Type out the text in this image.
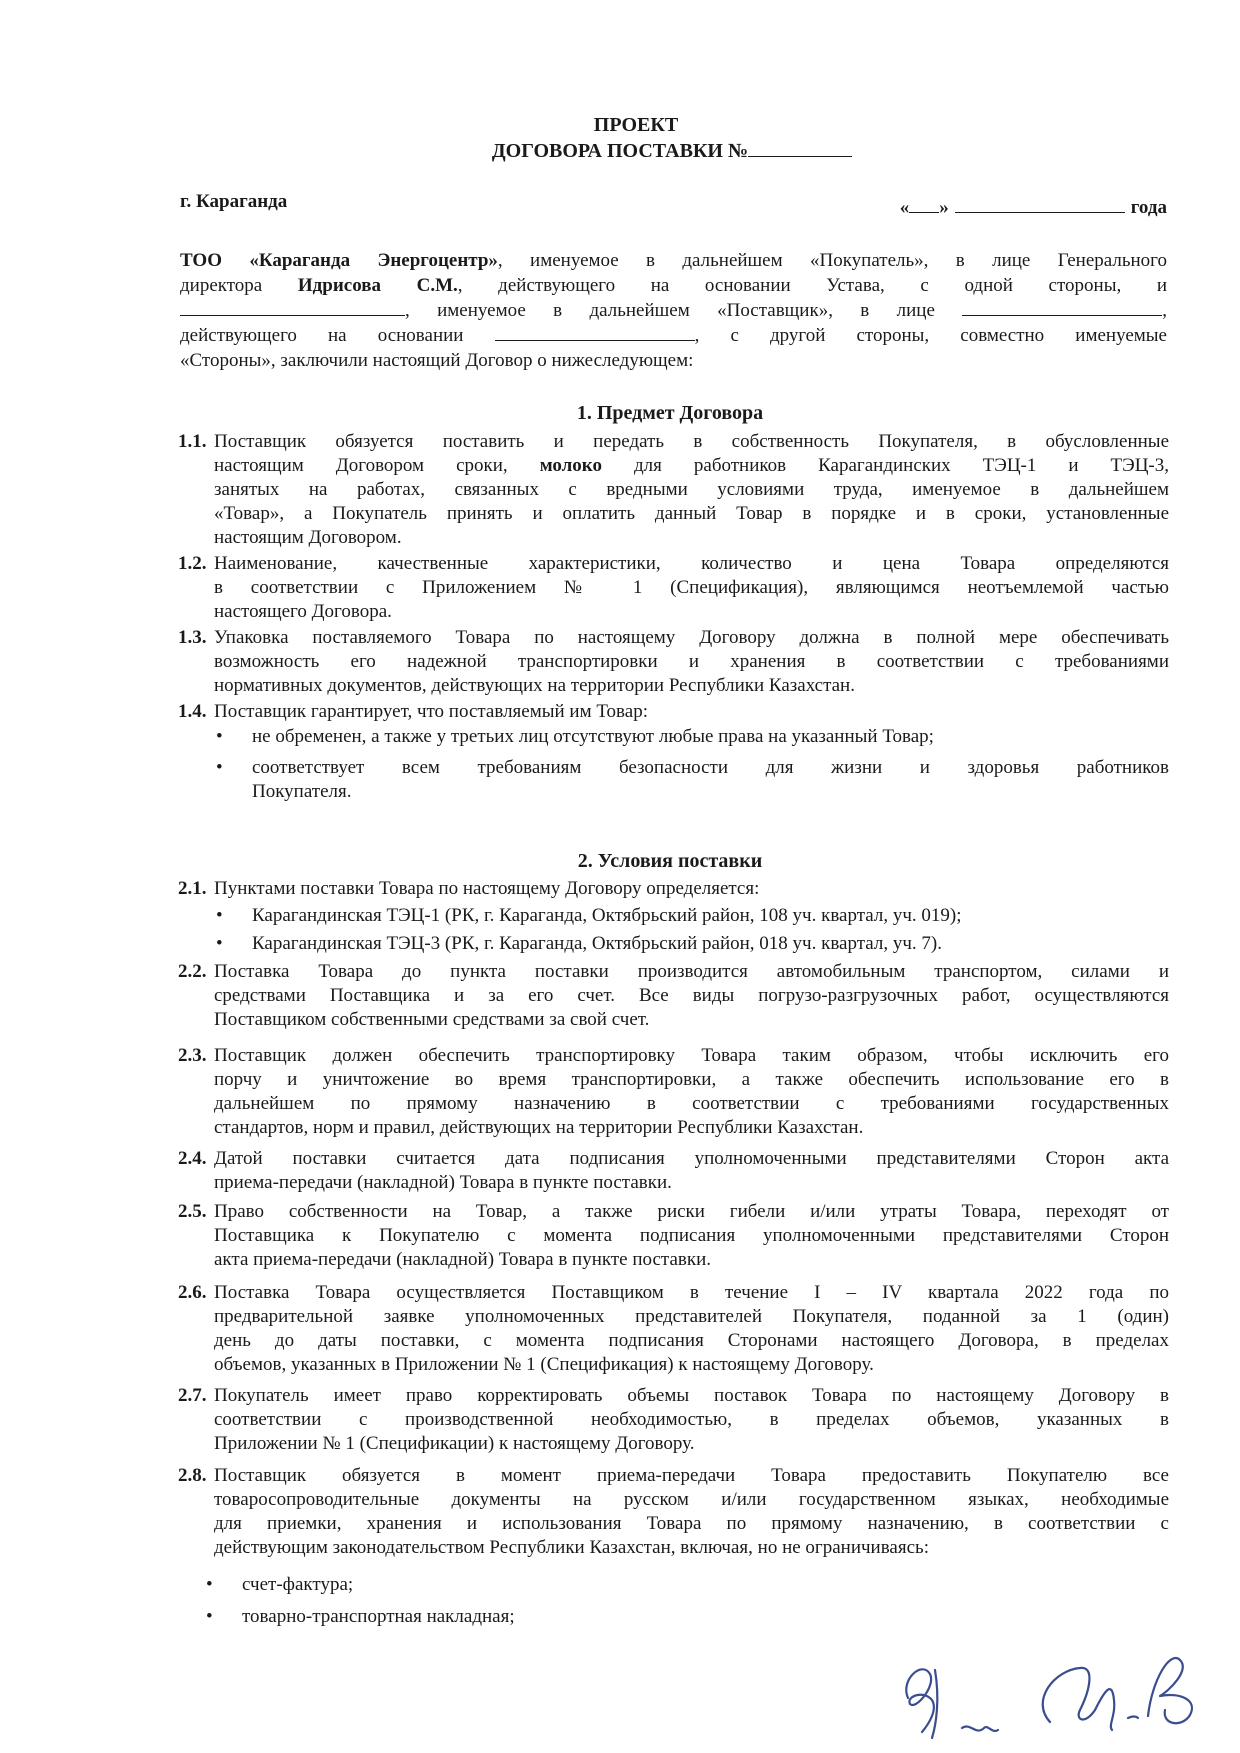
ПРОЕКТ
ДОГОВОРА ПОСТАВКИ №
г. Караганда	« »	года
ТОО «Караганда Энергоцентр», именуемое в дальнейшем «Покупатель», в лице Генерального
директора Идрисова С.М., действующего на основании Устава, с одной стороны, и
, именуемое в дальнейшем «Поставщик», в лице	,
действующего на основании	, с другой стороны, совместно именуемые
«Стороны», заключили настоящий Договор о нижеследующем:
1. Предмет Договора
1.1. Поставщик обязуется поставить и передать в собственность Покупателя, в обусловленные
настоящим Договором сроки, молоко для работников Карагандинских ТЭЦ-1 и ТЭЦ-3,
занятых на работах, связанных с вредными условиями труда, именуемое в дальнейшем
«Товар», а Покупатель принять и оплатить данный Товар в порядке и в сроки, установленные
настоящим Договором.
1.2. Наименование, качественные характеристики, количество и цена Товара определяются
в соответствии с Приложением № 1 (Спецификация), являющимся неотъемлемой частью
настоящего Договора.
1.3. Упаковка поставляемого Товара по настоящему Договору должна в полной мере обеспечивать
возможность его надежной транспортировки и хранения в соответствии с требованиями
нормативных документов, действующих на территории Республики Казахстан.
1.4. Поставщик гарантирует, что поставляемый им Товар:
• не обременен, а также у третьих лиц отсутствуют любые права на указанный Товар;
• соответствует всем требованиям безопасности для жизни и здоровья работников
Покупателя.
2. Условия поставки
2.1. Пунктами поставки Товара по настоящему Договору определяется:
• Карагандинская ТЭЦ-1 (РК, г. Караганда, Октябрьский район, 108 уч. квартал, уч. 019);
• Карагандинская ТЭЦ-3 (РК, г. Караганда, Октябрьский район, 018 уч. квартал, уч. 7).
2.2. Поставка Товара до пункта поставки производится автомобильным транспортом, силами и
средствами Поставщика и за его счет. Все виды погрузо-разгрузочных работ, осуществляются
Поставщиком собственными средствами за свой счет.
2.3. Поставщик должен обеспечить транспортировку Товара таким образом, чтобы исключить его
порчу и уничтожение во время транспортировки, а также обеспечить использование его в
дальнейшем по прямому назначению в соответствии с требованиями государственных
стандартов, норм и правил, действующих на территории Республики Казахстан.
2.4. Датой поставки считается дата подписания уполномоченными представителями Сторон акта
приема-передачи (накладной) Товара в пункте поставки.
2.5. Право собственности на Товар, а также риски гибели и/или утраты Товара, переходят от
Поставщика к Покупателю с момента подписания уполномоченными представителями Сторон
акта приема-передачи (накладной) Товара в пункте поставки.
2.6. Поставка Товара осуществляется Поставщиком в течение I – IV квартала 2022 года по
предварительной заявке уполномоченных представителей Покупателя, поданной за 1 (один)
день до даты поставки, с момента подписания Сторонами настоящего Договора, в пределах
объемов, указанных в Приложении № 1 (Спецификация) к настоящему Договору.
2.7. Покупатель имеет право корректировать объемы поставок Товара по настоящему Договору в
соответствии с производственной необходимостью, в пределах объемов, указанных в
Приложении № 1 (Спецификации) к настоящему Договору.
2.8. Поставщик обязуется в момент приема-передачи Товара предоставить Покупателю все
товаросопроводительные документы на русском и/или государственном языках, необходимые
для приемки, хранения и использования Товара по прямому назначению, в соответствии с
действующим законодательством Республики Казахстан, включая, но не ограничиваясь:
• счет-фактура;
• товарно-транспортная накладная;
